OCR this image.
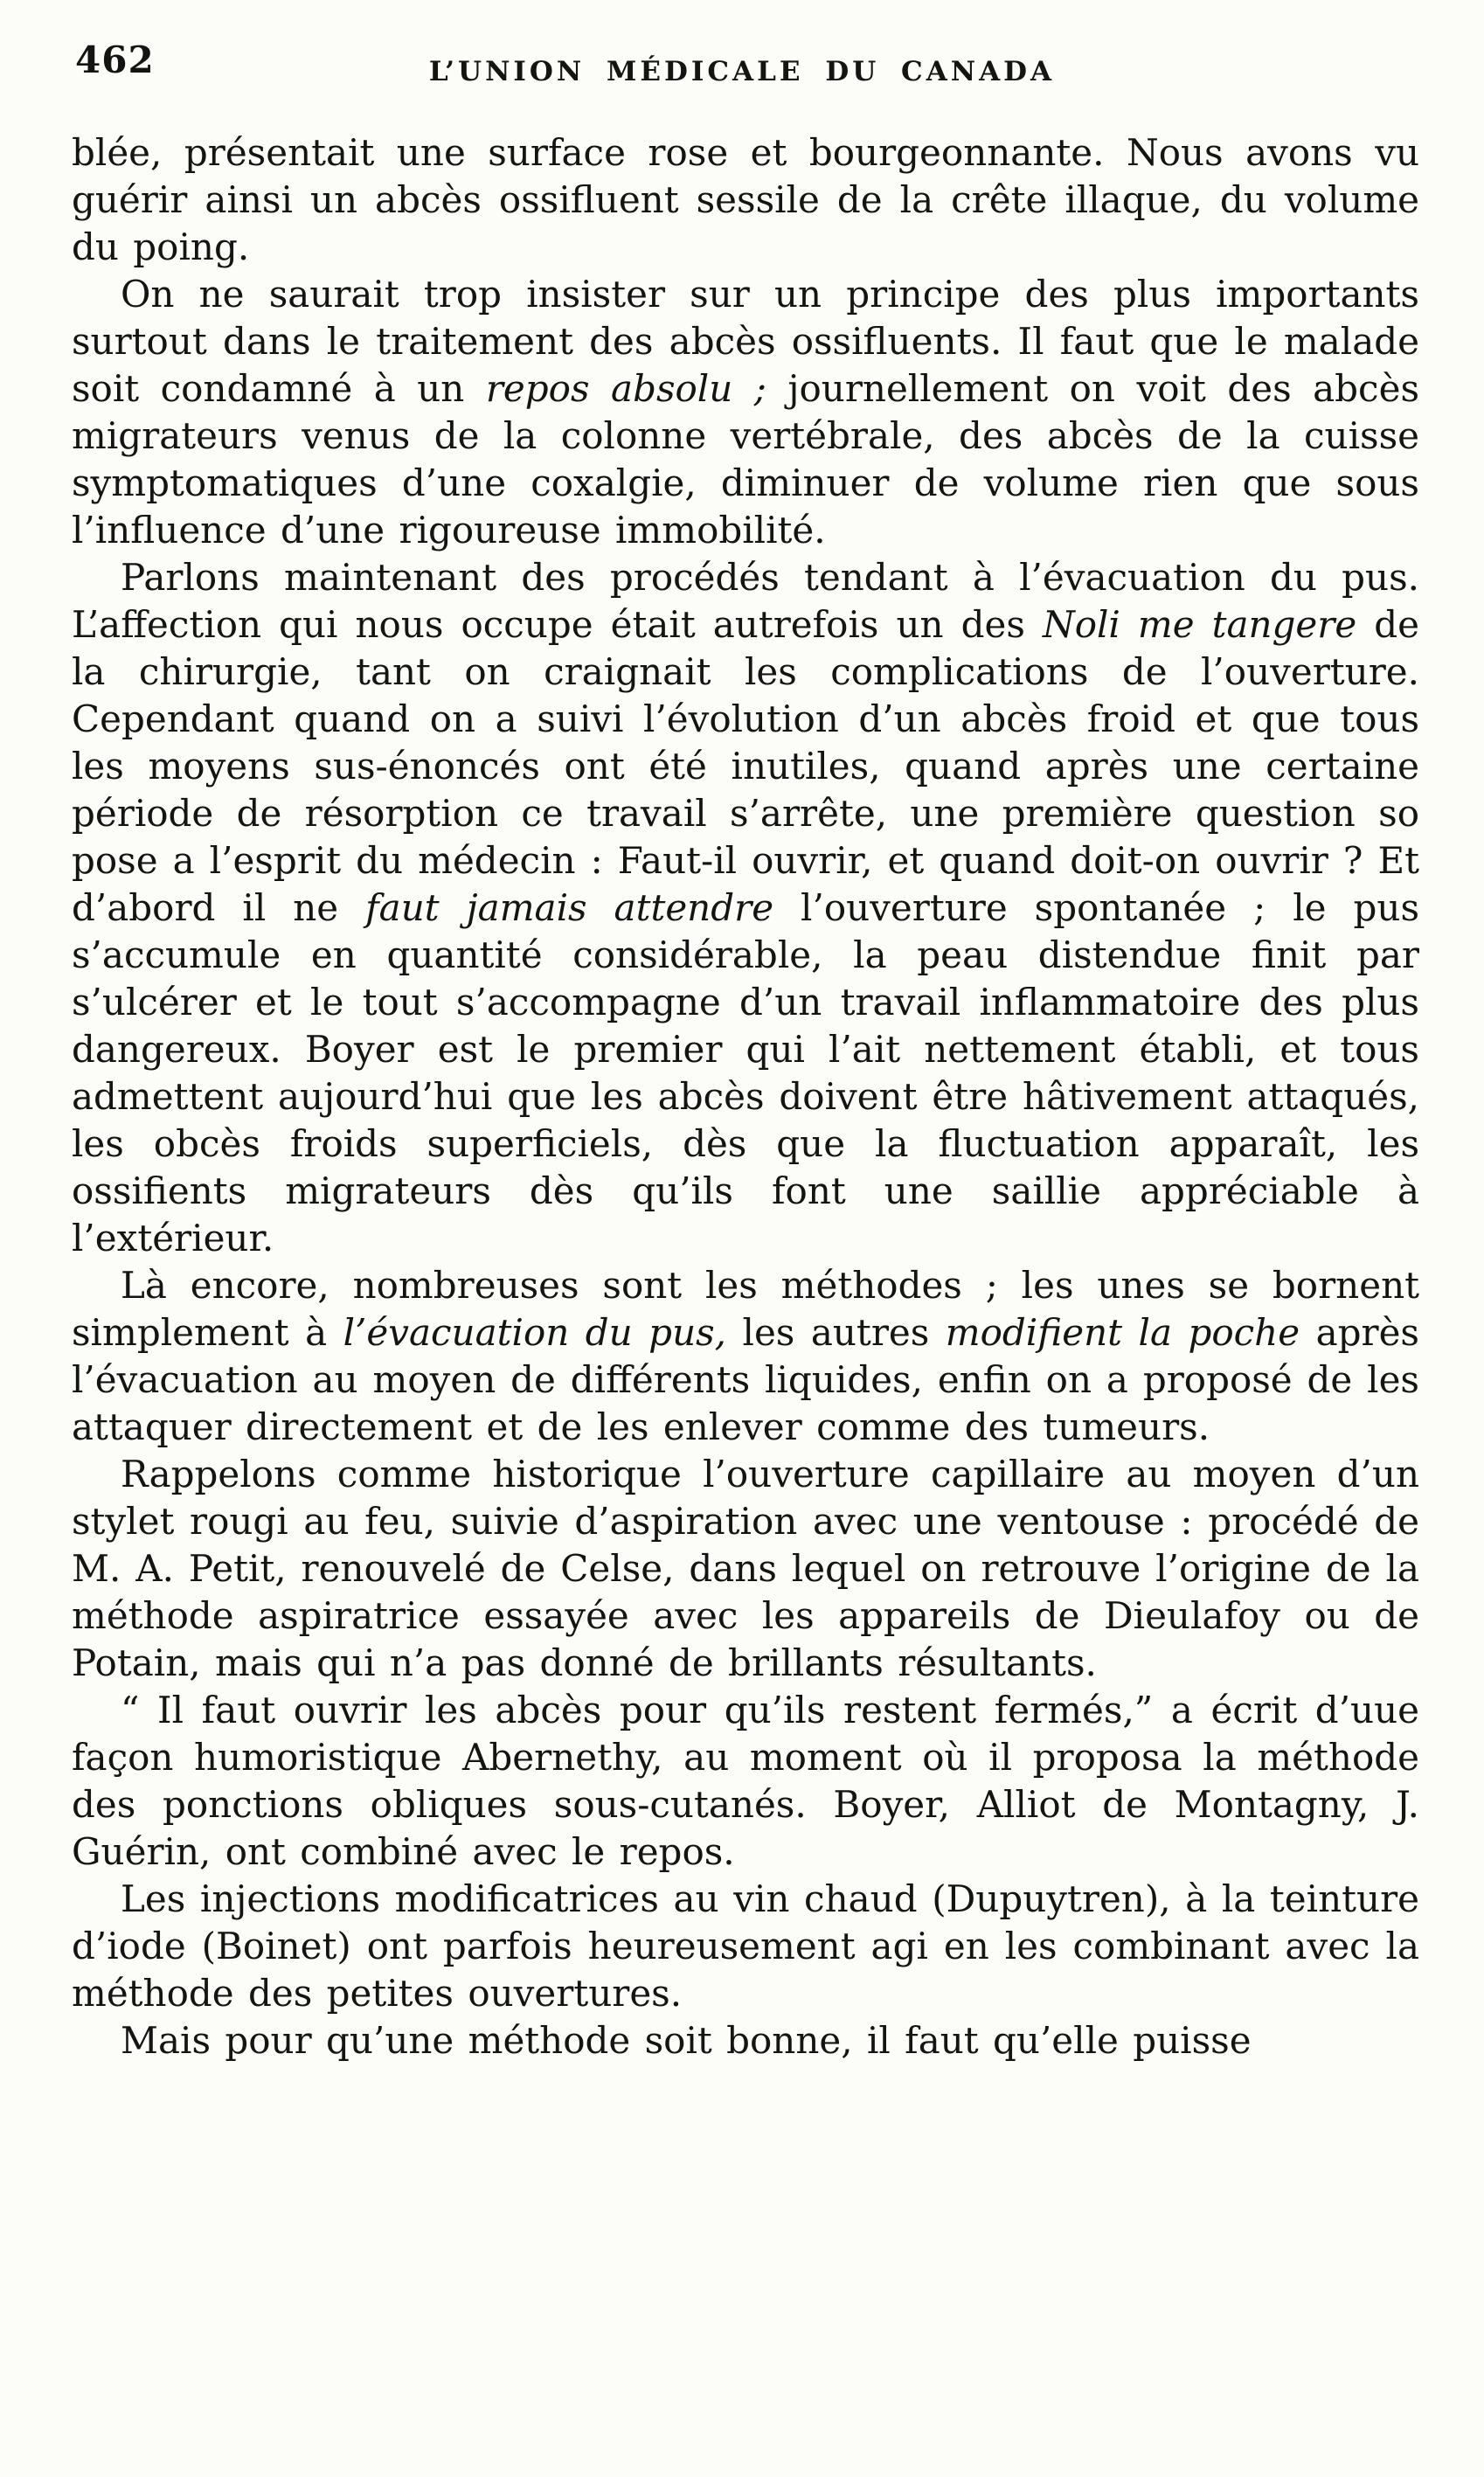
462	L’UNION MÉDICALE DU CANADA

blée, présentait une surface rose et bourgeonnante. Nous avons vu guérir ainsi un abcès ossifluent sessile de la crête illaque, du volume du poing.

On ne saurait trop insister sur un principe des plus importants surtout dans le traitement des abcès ossifluents. Il faut que le malade soit condamné à un repos absolu ; journellement on voit des abcès migrateurs venus de la colonne vertébrale, des abcès de la cuisse symptomatiques d’une coxalgie, diminuer de volume rien que sous l’influence d’une rigoureuse immobilité.

Parlons maintenant des procédés tendant à l’évacuation du pus. L’affection qui nous occupe était autrefois un des Noli me tangere de la chirurgie, tant on craignait les complications de l’ouverture. Cependant quand on a suivi l’évolution d’un abcès froid et que tous les moyens sus-énoncés ont été inutiles, quand après une certaine période de résorption ce travail s’arrête, une première question so pose a l’esprit du médecin : Faut-il ouvrir, et quand doit-on ouvrir ? Et d’abord il ne faut jamais attendre l’ouverture spontanée ; le pus s’accumule en quantité considérable, la peau distendue finit par s’ulcérer et le tout s’accompagne d’un travail inflammatoire des plus dangereux. Boyer est le premier qui l’ait nettement établi, et tous admettent aujourd’hui que les abcès doivent être hâtivement attaqués, les obcès froids superficiels, dès que la fluctuation apparaît, les ossifients migrateurs dès qu’ils font une saillie appréciable à l’extérieur.

Là encore, nombreuses sont les méthodes ; les unes se bornent simplement à l’évacuation du pus, les autres modifient la poche après l’évacuation au moyen de différents liquides, enfin on a proposé de les attaquer directement et de les enlever comme des tumeurs.

Rappelons comme historique l’ouverture capillaire au moyen d’un stylet rougi au feu, suivie d’aspiration avec une ventouse : procédé de M. A. Petit, renouvelé de Celse, dans lequel on retrouve l’origine de la méthode aspiratrice essayée avec les appareils de Dieulafoy ou de Potain, mais qui n’a pas donné de brillants résultants.

“ Il faut ouvrir les abcès pour qu’ils restent fermés,” a écrit d’uue façon humoristique Abernethy, au moment où il proposa la méthode des ponctions obliques sous-cutanés. Boyer, Alliot de Montagny, J. Guérin, ont combiné avec le repos.

Les injections modificatrices au vin chaud (Dupuytren), à la teinture d’iode (Boinet) ont parfois heureusement agi en les combinant avec la méthode des petites ouvertures.

Mais pour qu’une méthode soit bonne, il faut qu’elle puisse
